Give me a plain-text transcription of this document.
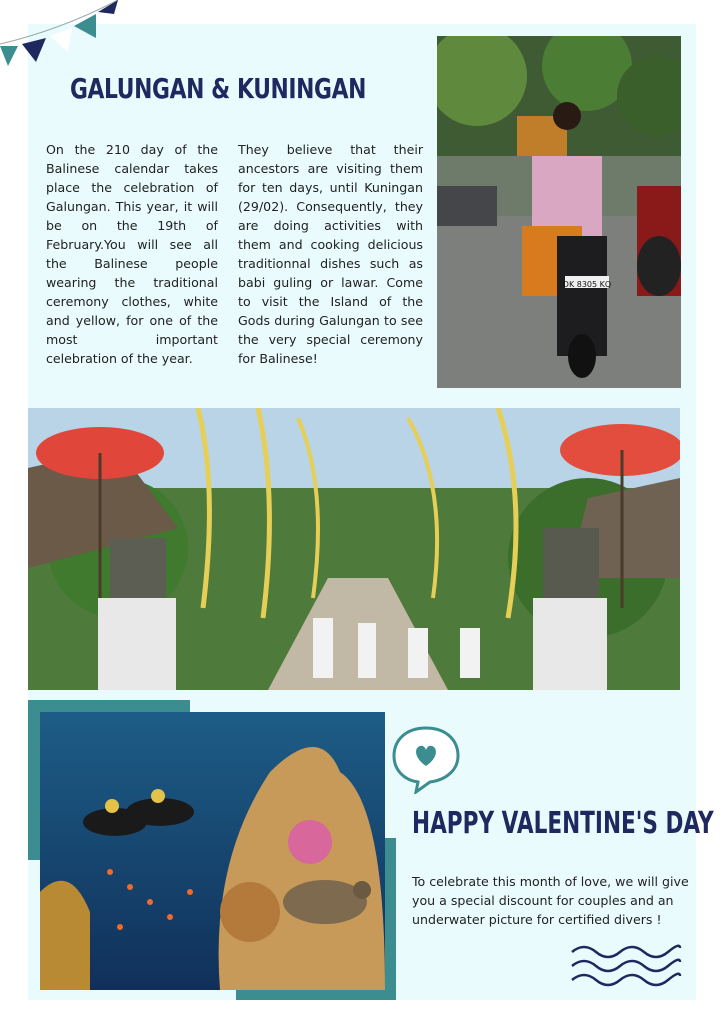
GALUNGAN & KUNINGAN
On the 210 day of the Balinese calendar takes place the celebration of Galungan. This year, it will be on the 19th of February.You will see all the Balinese people wearing the traditional ceremony clothes, white and yellow, for one of the most important celebration of the year.
They believe that their ancestors are visiting them for ten days, until Kuningan (29/02). Consequently, they are doing activities with them and cooking delicious traditionnal dishes such as babi guling or lawar. Come to visit the Island of the Gods during Galungan to see the very special ceremony for Balinese!
DK 8305 KQ
HAPPY VALENTINE'S DAY
To celebrate this month of love, we will give you a special discount for couples and an underwater picture for certified divers !
